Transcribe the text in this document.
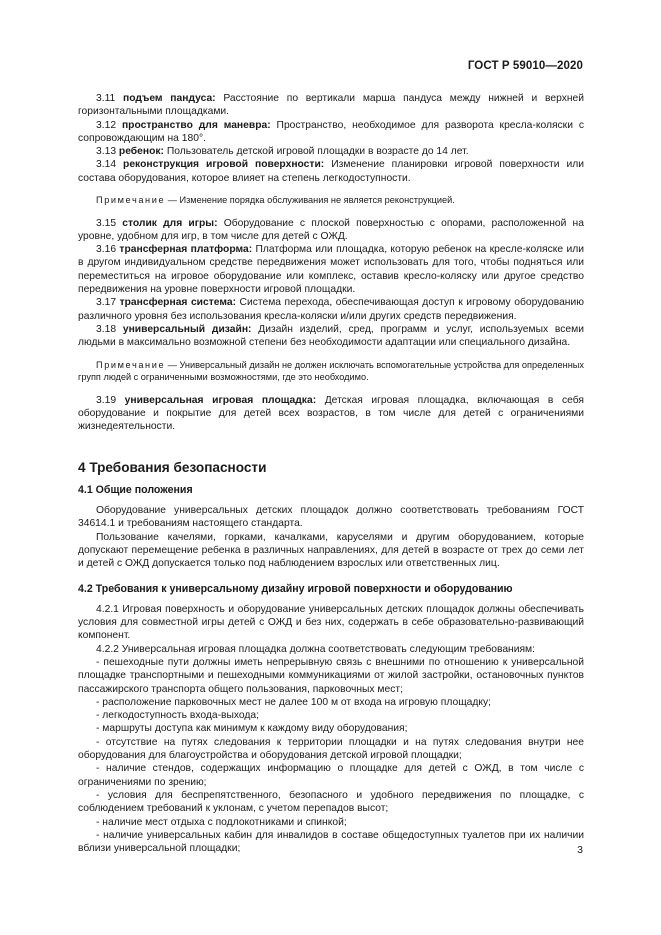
ГОСТ Р 59010—2020

3.11 подъем пандуса: Расстояние по вертикали марша пандуса между нижней и верхней горизонтальными площадками.

3.12 пространство для маневра: Пространство, необходимое для разворота кресла-коляски с сопровождающим на 180°.

3.13 ребенок: Пользователь детской игровой площадки в возрасте до 14 лет.

3.14 реконструкция игровой поверхности: Изменение планировки игровой поверхности или состава оборудования, которое влияет на степень легкодоступности.

Примечание — Изменение порядка обслуживания не является реконструкцией.

3.15 столик для игры: Оборудование с плоской поверхностью с опорами, расположенной на уровне, удобном для игр, в том числе для детей с ОЖД.

3.16 трансферная платформа: Платформа или площадка, которую ребенок на кресле-коляске или в другом индивидуальном средстве передвижения может использовать для того, чтобы подняться или переместиться на игровое оборудование или комплекс, оставив кресло-коляску или другое средство передвижения на уровне поверхности игровой площадки.

3.17 трансферная система: Система перехода, обеспечивающая доступ к игровому оборудованию различного уровня без использования кресла-коляски и/или других средств передвижения.

3.18 универсальный дизайн: Дизайн изделий, сред, программ и услуг, используемых всеми людьми в максимально возможной степени без необходимости адаптации или специального дизайна.

Примечание — Универсальный дизайн не должен исключать вспомогательные устройства для определенных групп людей с ограниченными возможностями, где это необходимо.

3.19 универсальная игровая площадка: Детская игровая площадка, включающая в себя оборудование и покрытие для детей всех возрастов, в том числе для детей с ограничениями жизнедеятельности.

4 Требования безопасности
4.1 Общие положения

Оборудование универсальных детских площадок должно соответствовать требованиям ГОСТ 34614.1 и требованиям настоящего стандарта.

Пользование качелями, горками, качалками, каруселями и другим оборудованием, которые допускают перемещение ребенка в различных направлениях, для детей в возрасте от трех до семи лет и детей с ОЖД допускается только под наблюдением взрослых или ответственных лиц.

4.2 Требования к универсальному дизайну игровой поверхности и оборудованию

4.2.1 Игровая поверхность и оборудование универсальных детских площадок должны обеспечивать условия для совместной игры детей с ОЖД и без них, содержать в себе образовательно-развивающий компонент.

4.2.2 Универсальная игровая площадка должна соответствовать следующим требованиям:

- пешеходные пути должны иметь непрерывную связь с внешними по отношению к универсальной площадке транспортными и пешеходными коммуникациями от жилой застройки, остановочных пунктов пассажирского транспорта общего пользования, парковочных мест;

- расположение парковочных мест не далее 100 м от входа на игровую площадку;

- легкодоступность входа-выхода;

- маршруты доступа как минимум к каждому виду оборудования;

- отсутствие на путях следования к территории площадки и на путях следования внутри нее оборудования для благоустройства и оборудования детской игровой площадки;

- наличие стендов, содержащих информацию о площадке для детей с ОЖД, в том числе с ограничениями по зрению;

- условия для беспрепятственного, безопасного и удобного передвижения по площадке, с соблюдением требований к уклонам, с учетом перепадов высот;

- наличие мест отдыха с подлокотниками и спинкой;

- наличие универсальных кабин для инвалидов в составе общедоступных туалетов при их наличии вблизи универсальной площадки;	3
